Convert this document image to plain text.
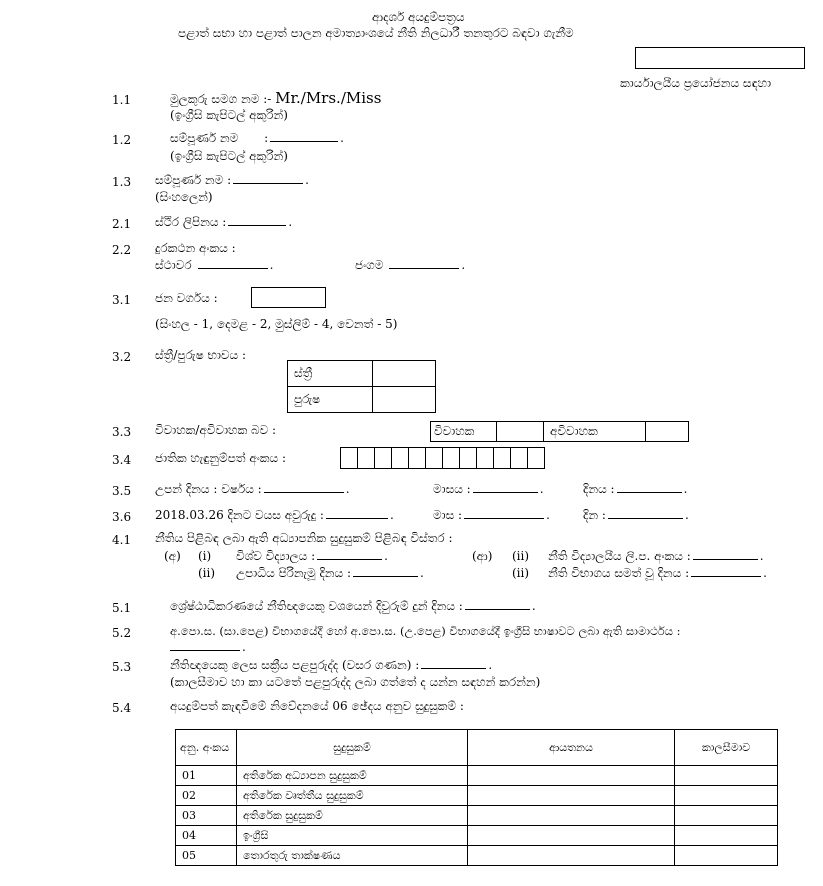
ආදර්ශ අයදුම්පත්‍රය
පළාත් සභා හා පළාත් පාලන අමාත්‍යාංශයේ නීති නිලධාරී තනතුරට බඳවා ගැනීම
කාර්යාලයීය ප්‍රයෝජනය සඳහා
1.1	මුලකුරු සමග නම :- Mr./Mrs./Miss
(ඉංග්‍රීසි කැපිටල් අකුරින්)
1.2	සම්පූර්ණ නම :	.
(ඉංග්‍රීසි කැපිටල් අකුරින්)
1.3 සම්පූර්ණ නම :	.
(සිංහලෙන්)
2.1 ස්ථිර ලිපිනය :	.
2.2 දුරකථන අංකය :
ස්ථාවර	.	ජංගම	.
3.1 ජන වර්ගය :
(සිංහල - 1, දෙමළ - 2, මුස්ලිම් - 4, වෙනත් - 5)
3.2 ස්ත්‍රී/පුරුෂ භාවය :
ස්ත්‍රී	
පුරුෂ	
3.3 විවාහක/අවිවාහක බව :	විවාහක		අවිවාහක	
3.4 ජාතික හැඳුනුම්පත් අංකය :

3.5 උපන් දිනය : වර්ෂය :	.	මාසය :	.	දිනය :	.
3.6 2018.03.26 දිනට වයස අවුරුදු :	.	මාස :	.	දින :	.
4.1 නීතිය පිළිබඳ ලබා ඇති අධ්‍යාපනික සුදුසුකම් පිළිබඳ විස්තර :
(අ) (i) විශ්ව විද්‍යාලය :	.
(ii) උපාධිය පිරිනැමූ දිනය :	.
(ආ) (ii) නීති විද්‍යාලයීය ලි.ප. අංකය :	.
(ii) නීති විභාගය සමත් වූ දිනය :	.
5.1	ශ්‍රේෂ්ඨාධිකරණයේ නීතිඥයෙකු වශයෙන් දිවුරුම් දුන් දිනය :	.
5.2	අ.පො.ස. (සා.පෙළ) විභාගයේදී හෝ අ.පො.ස. (උ.පෙළ) විභාගයේදී ඉංග්‍රීසි භාෂාවට ලබා ඇති සාමාර්ථය :
.
5.3	නීතිඥයෙකු ලෙස සක්‍රීය පළපුරුද්ද (වසර ගණන) :	.
(කාලසීමාව හා කා යටතේ පළපුරුද්ද ලබා ගත්තේ ද යන්න සඳහන් කරන්න)
5.4	අයදුම්පත් කැඳවීමේ නිවේදනයේ 06 ඡේදය අනුව සුදුසුකම් :
අනු. අංකය	සුදුසුකම්	ආයතනය	කාලසීමාව
01	අතිරේක අධ්‍යාපන සුදුසුකම්		
02	අතිරේක වෘත්තීය සුදුසුකම්		
03	අතිරේක සුදුසුකම්		
04	ඉංග්‍රීසි		
05	තොරතුරු තාක්ෂණය		
